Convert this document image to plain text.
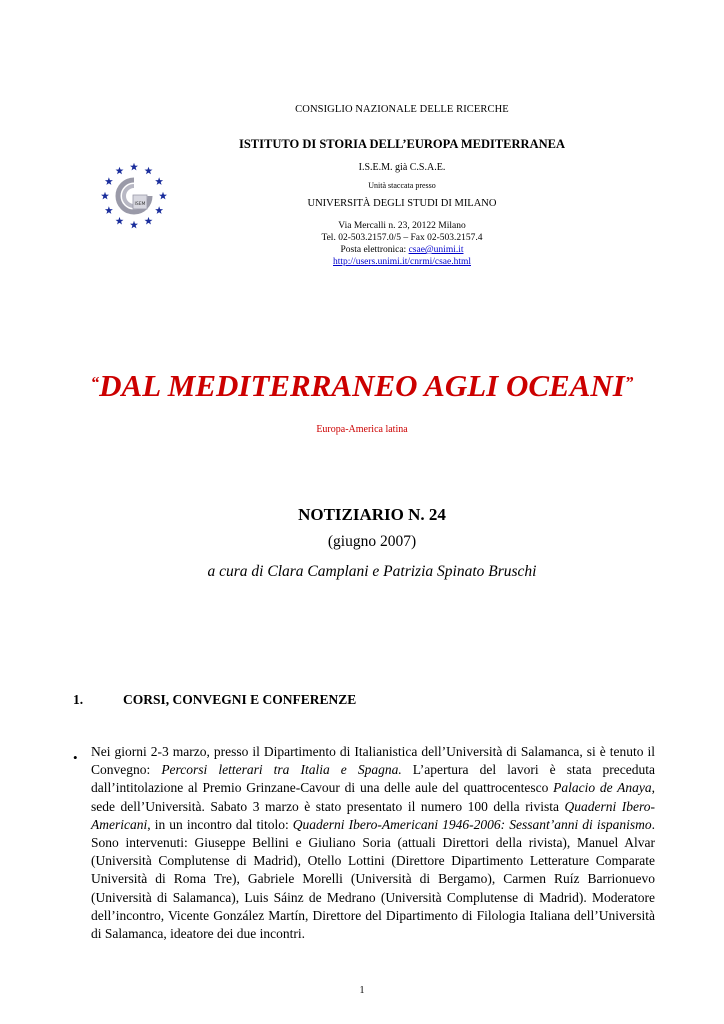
CONSIGLIO NAZIONALE DELLE RICERCHE
ISTITUTO DI STORIA DELL’EUROPA MEDITERRANEA
I.S.E.M. già C.S.A.E.
Unità staccata presso
UNIVERSITÀ DEGLI STUDI DI MILANO
Via Mercalli n. 23, 20122 Milano
Tel. 02-503.2157.0/5 – Fax 02-503.2157.4
Posta elettronica: csae@unimi.it
http://users.unimi.it/cnrmi/csae.html
ISEM
“DAL MEDITERRANEO AGLI OCEANI”
Europa-America latina
NOTIZIARIO N. 24
(giugno 2007)
a cura di Clara Camplani e Patrizia Spinato Bruschi
1.	CORSI, CONVEGNI E CONFERENZE
• Nei giorni 2-3 marzo, presso il Dipartimento di Italianistica dell’Università di Salamanca, si è tenuto il Convegno: Percorsi letterari tra Italia e Spagna. L’apertura del lavori è stata preceduta dall’intitolazione al Premio Grinzane-Cavour di una delle aule del quattrocentesco Palacio de Anaya, sede dell’Università. Sabato 3 marzo è stato presentato il numero 100 della rivista Quaderni Ibero-Americani, in un incontro dal titolo: Quaderni Ibero-Americani 1946-2006: Sessant’anni di ispanismo. Sono intervenuti: Giuseppe Bellini e Giuliano Soria (attuali Direttori della rivista), Manuel Alvar (Università Complutense di Madrid), Otello Lottini (Direttore Dipartimento Letterature Comparate Università di Roma Tre), Gabriele Morelli (Università di Bergamo), Carmen Ruíz Barrionuevo (Università di Salamanca), Luis Sáinz de Medrano (Università Complutense di Madrid). Moderatore dell’incontro, Vicente González Martín, Direttore del Dipartimento di Filologia Italiana dell’Università di Salamanca, ideatore dei due incontri.
1
